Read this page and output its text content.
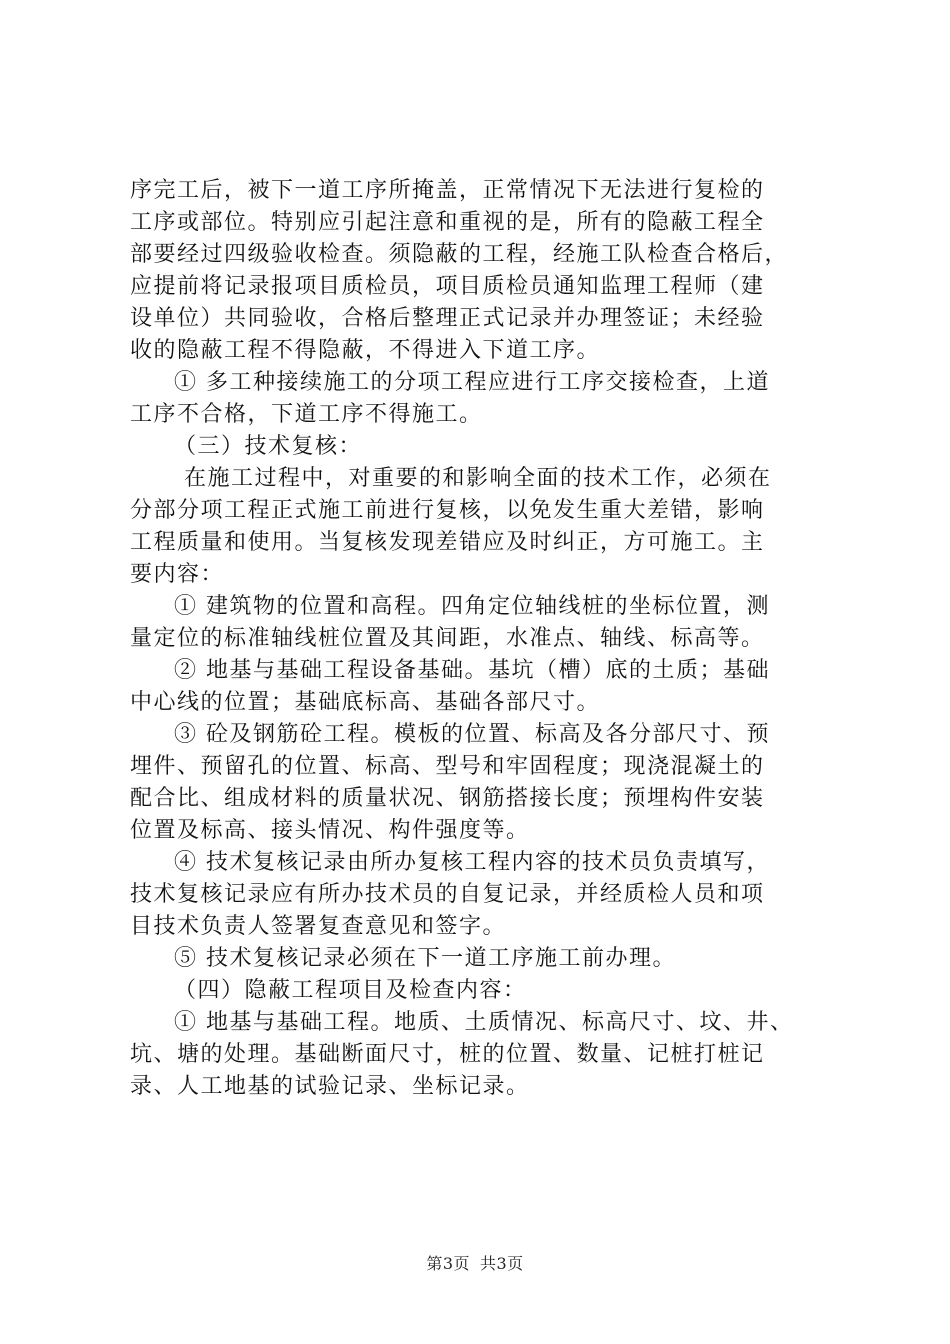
序完工后，被下一道工序所掩盖，正常情况下无法进行复检的
工序或部位。特别应引起注意和重视的是，所有的隐蔽工程全
部要经过四级验收检查。须隐蔽的工程，经施工队检查合格后，
应提前将记录报项目质检员，项目质检员通知监理工程师（建
设单位）共同验收，合格后整理正式记录并办理签证；未经验
收的隐蔽工程不得隐蔽，不得进入下道工序。
① 多工种接续施工的分项工程应进行工序交接检查，上道
工序不合格，下道工序不得施工。
（三）技术复核：
在施工过程中，对重要的和影响全面的技术工作，必须在
分部分项工程正式施工前进行复核，以免发生重大差错，影响
工程质量和使用。当复核发现差错应及时纠正，方可施工。主
要内容：
① 建筑物的位置和高程。四角定位轴线桩的坐标位置，测
量定位的标准轴线桩位置及其间距，水准点、轴线、标高等。
② 地基与基础工程设备基础。基坑（槽）底的土质；基础
中心线的位置；基础底标高、基础各部尺寸。
③ 砼及钢筋砼工程。模板的位置、标高及各分部尺寸、预
埋件、预留孔的位置、标高、型号和牢固程度；现浇混凝土的
配合比、组成材料的质量状况、钢筋搭接长度；预埋构件安装
位置及标高、接头情况、构件强度等。
④ 技术复核记录由所办复核工程内容的技术员负责填写，
技术复核记录应有所办技术员的自复记录，并经质检人员和项
目技术负责人签署复查意见和签字。
⑤ 技术复核记录必须在下一道工序施工前办理。
（四）隐蔽工程项目及检查内容：
① 地基与基础工程。地质、土质情况、标高尺寸、坟、井、
坑、塘的处理。基础断面尺寸，桩的位置、数量、记桩打桩记
录、人工地基的试验记录、坐标记录。
第3页 共3页
